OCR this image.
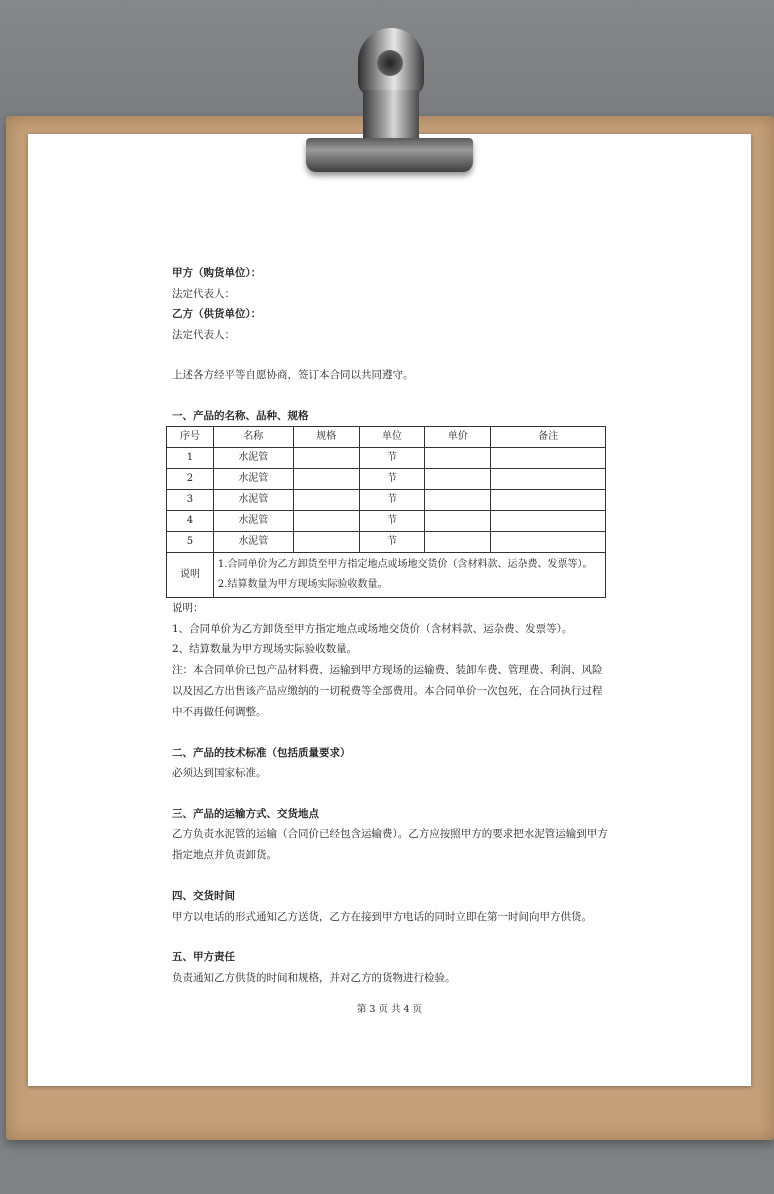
甲方（购货单位）：
法定代表人：
乙方（供货单位）：
法定代表人：
上述各方经平等自愿协商，签订本合同以共同遵守。
一、产品的名称、品种、规格
序号	名称	规格	单位	单价	备注
1	水泥管		节		
2	水泥管		节		
3	水泥管		节		
4	水泥管		节		
5	水泥管		节		
说明	1.合同单价为乙方卸货至甲方指定地点或场地交货价（含材料款、运杂费、发票等）。
2.结算数量为甲方现场实际验收数量。				
说明：
1、合同单价为乙方卸货至甲方指定地点或场地交货价（含材料款、运杂费、发票等）。
2、结算数量为甲方现场实际验收数量。
注：本合同单价已包产品材料费、运输到甲方现场的运输费、装卸车费、管理费、利润、风险以及因乙方出售该产品应缴纳的一切税费等全部费用。本合同单价一次包死，在合同执行过程中不再做任何调整。
二、产品的技术标准（包括质量要求）
必须达到国家标准。
三、产品的运输方式、交货地点
乙方负责水泥管的运输（合同价已经包含运输费）。乙方应按照甲方的要求把水泥管运输到甲方指定地点并负责卸货。
四、交货时间
甲方以电话的形式通知乙方送货，乙方在接到甲方电话的同时立即在第一时间向甲方供货。
五、甲方责任
负责通知乙方供货的时间和规格，并对乙方的货物进行检验。
第 3 页 共 4 页
